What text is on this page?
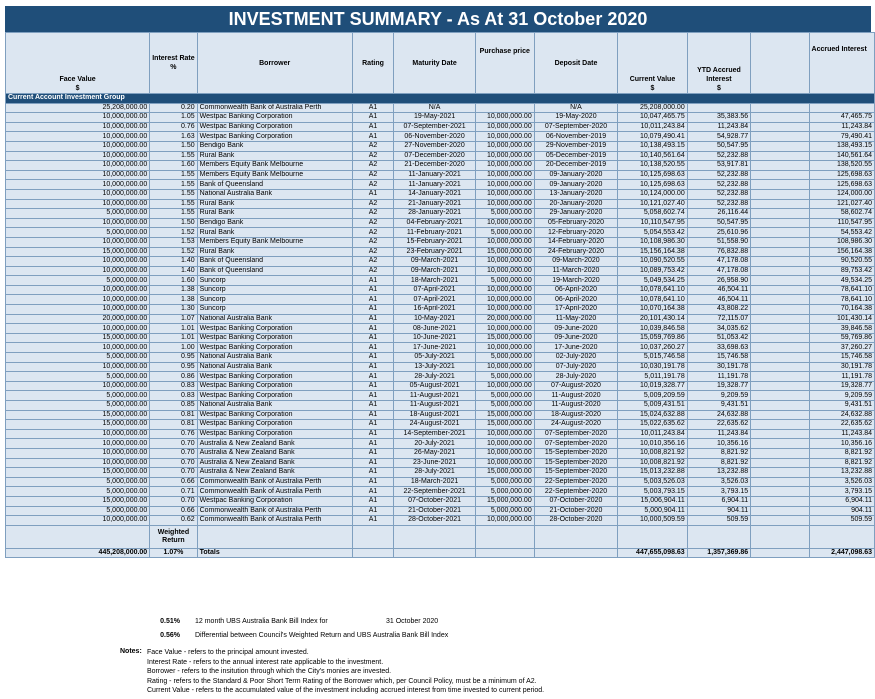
INVESTMENT SUMMARY - As At 31 October 2020
Face Value
$	Interest Rate
%	Borrower	Rating	Maturity Date	Purchase price	Deposit Date	Current Value
$	YTD Accrued Interest
$		Accrued Interest
Current Account Investment Group										
25,208,000.00	0.20	Commonwealth Bank of Australia Perth	A1	N/A		N/A	25,208,000.00			
10,000,000.00	1.05	Westpac Banking Corporation	A1	19-May-2021	10,000,000.00	19-May-2020	10,047,465.75	35,383.56		47,465.75
10,000,000.00	0.76	Westpac Banking Corporation	A1	07-September-2021	10,000,000.00	07-September-2020	10,011,243.84	11,243.84		11,243.84
10,000,000.00	1.63	Westpac Banking Corporation	A1	06-November-2020	10,000,000.00	06-November-2019	10,079,490.41	54,928.77		79,490.41
10,000,000.00	1.50	Bendigo Bank	A2	27-November-2020	10,000,000.00	29-November-2019	10,138,493.15	50,547.95		138,493.15
10,000,000.00	1.55	Rural Bank	A2	07-December-2020	10,000,000.00	05-December-2019	10,140,561.64	52,232.88		140,561.64
10,000,000.00	1.60	Members Equity Bank Melbourne	A2	21-December-2020	10,000,000.00	20-December-2019	10,138,520.55	53,917.81		138,520.55
10,000,000.00	1.55	Members Equity Bank Melbourne	A2	11-January-2021	10,000,000.00	09-January-2020	10,125,698.63	52,232.88		125,698.63
10,000,000.00	1.55	Bank of Queensland	A2	11-January-2021	10,000,000.00	09-January-2020	10,125,698.63	52,232.88		125,698.63
10,000,000.00	1.55	National Australia Bank	A1	14-January-2021	10,000,000.00	13-January-2020	10,124,000.00	52,232.88		124,000.00
10,000,000.00	1.55	Rural Bank	A2	21-January-2021	10,000,000.00	20-January-2020	10,121,027.40	52,232.88		121,027.40
5,000,000.00	1.55	Rural Bank	A2	28-January-2021	5,000,000.00	29-January-2020	5,058,602.74	26,116.44		58,602.74
10,000,000.00	1.50	Bendigo Bank	A2	04-February-2021	10,000,000.00	05-February-2020	10,110,547.95	50,547.95		110,547.95
5,000,000.00	1.52	Rural Bank	A2	11-February-2021	5,000,000.00	12-February-2020	5,054,553.42	25,610.96		54,553.42
10,000,000.00	1.53	Members Equity Bank Melbourne	A2	15-February-2021	10,000,000.00	14-February-2020	10,108,986.30	51,558.90		108,986.30
15,000,000.00	1.52	Rural Bank	A2	23-February-2021	15,000,000.00	24-February-2020	15,156,164.38	76,832.88		156,164.38
10,000,000.00	1.40	Bank of Queensland	A2	09-March-2021	10,000,000.00	09-March-2020	10,090,520.55	47,178.08		90,520.55
10,000,000.00	1.40	Bank of Queensland	A2	09-March-2021	10,000,000.00	11-March-2020	10,089,753.42	47,178.08		89,753.42
5,000,000.00	1.60	Suncorp	A1	18-March-2021	5,000,000.00	19-March-2020	5,049,534.25	26,958.90		49,534.25
10,000,000.00	1.38	Suncorp	A1	07-April-2021	10,000,000.00	06-April-2020	10,078,641.10	46,504.11		78,641.10
10,000,000.00	1.38	Suncorp	A1	07-April-2021	10,000,000.00	06-April-2020	10,078,641.10	46,504.11		78,641.10
10,000,000.00	1.30	Suncorp	A1	16-April-2021	10,000,000.00	17-April-2020	10,070,164.38	43,808.22		70,164.38
20,000,000.00	1.07	National Australia Bank	A1	10-May-2021	20,000,000.00	11-May-2020	20,101,430.14	72,115.07		101,430.14
10,000,000.00	1.01	Westpac Banking Corporation	A1	08-June-2021	10,000,000.00	09-June-2020	10,039,846.58	34,035.62		39,846.58
15,000,000.00	1.01	Westpac Banking Corporation	A1	10-June-2021	15,000,000.00	09-June-2020	15,059,769.86	51,053.42		59,769.86
10,000,000.00	1.00	Westpac Banking Corporation	A1	17-June-2021	10,000,000.00	17-June-2020	10,037,260.27	33,698.63		37,260.27
5,000,000.00	0.95	National Australia Bank	A1	05-July-2021	5,000,000.00	02-July-2020	5,015,746.58	15,746.58		15,746.58
10,000,000.00	0.95	National Australia Bank	A1	13-July-2021	10,000,000.00	07-July-2020	10,030,191.78	30,191.78		30,191.78
5,000,000.00	0.86	Westpac Banking Corporation	A1	28-July-2021	5,000,000.00	28-July-2020	5,011,191.78	11,191.78		11,191.78
10,000,000.00	0.83	Westpac Banking Corporation	A1	05-August-2021	10,000,000.00	07-August-2020	10,019,328.77	19,328.77		19,328.77
5,000,000.00	0.83	Westpac Banking Corporation	A1	11-August-2021	5,000,000.00	11-August-2020	5,009,209.59	9,209.59		9,209.59
5,000,000.00	0.85	National Australia Bank	A1	11-August-2021	5,000,000.00	11-August-2020	5,009,431.51	9,431.51		9,431.51
15,000,000.00	0.81	Westpac Banking Corporation	A1	18-August-2021	15,000,000.00	18-August-2020	15,024,632.88	24,632.88		24,632.88
15,000,000.00	0.81	Westpac Banking Corporation	A1	24-August-2021	15,000,000.00	24-August-2020	15,022,635.62	22,635.62		22,635.62
10,000,000.00	0.76	Westpac Banking Corporation	A1	14-September-2021	10,000,000.00	07-September-2020	10,011,243.84	11,243.84		11,243.84
10,000,000.00	0.70	Australia & New Zealand Bank	A1	20-July-2021	10,000,000.00	07-September-2020	10,010,356.16	10,356.16		10,356.16
10,000,000.00	0.70	Australia & New Zealand Bank	A1	26-May-2021	10,000,000.00	15-September-2020	10,008,821.92	8,821.92		8,821.92
10,000,000.00	0.70	Australia & New Zealand Bank	A1	23-June-2021	10,000,000.00	15-September-2020	10,008,821.92	8,821.92		8,821.92
15,000,000.00	0.70	Australia & New Zealand Bank	A1	28-July-2021	15,000,000.00	15-September-2020	15,013,232.88	13,232.88		13,232.88
5,000,000.00	0.66	Commonwealth Bank of Australia Perth	A1	18-March-2021	5,000,000.00	22-September-2020	5,003,526.03	3,526.03		3,526.03
5,000,000.00	0.71	Commonwealth Bank of Australia Perth	A1	22-September-2021	5,000,000.00	22-September-2020	5,003,793.15	3,793.15		3,793.15
15,000,000.00	0.70	Westpac Banking Corporation	A1	07-October-2021	15,000,000.00	07-October-2020	15,006,904.11	6,904.11		6,904.11
5,000,000.00	0.66	Commonwealth Bank of Australia Perth	A1	21-October-2021	5,000,000.00	21-October-2020	5,000,904.11	904.11		904.11
10,000,000.00	0.62	Commonwealth Bank of Australia Perth	A1	28-October-2021	10,000,000.00	28-October-2020	10,000,509.59	509.59		509.59
	Weighted Return									
445,208,000.00	1.07%	Totals					447,655,098.63	1,357,369.86		2,447,098.63
0.51% 12 month UBS Australia Bank Bill Index for	31 October 2020
0.56% Differential between Council's Weighted Return and UBS Australia Bank Bill Index
Notes: Face Value - refers to the principal amount invested.
Interest Rate - refers to the annual interest rate applicable to the investment.
Borrower - refers to the insitution through which the City's monies are invested.
Rating - refers to the Standard & Poor Short Term Rating of the Borrower which, per Council Policy, must be a minimum of A2.
Current Value - refers to the accumulated value of the investment including accrued interest from time invested to current period.
